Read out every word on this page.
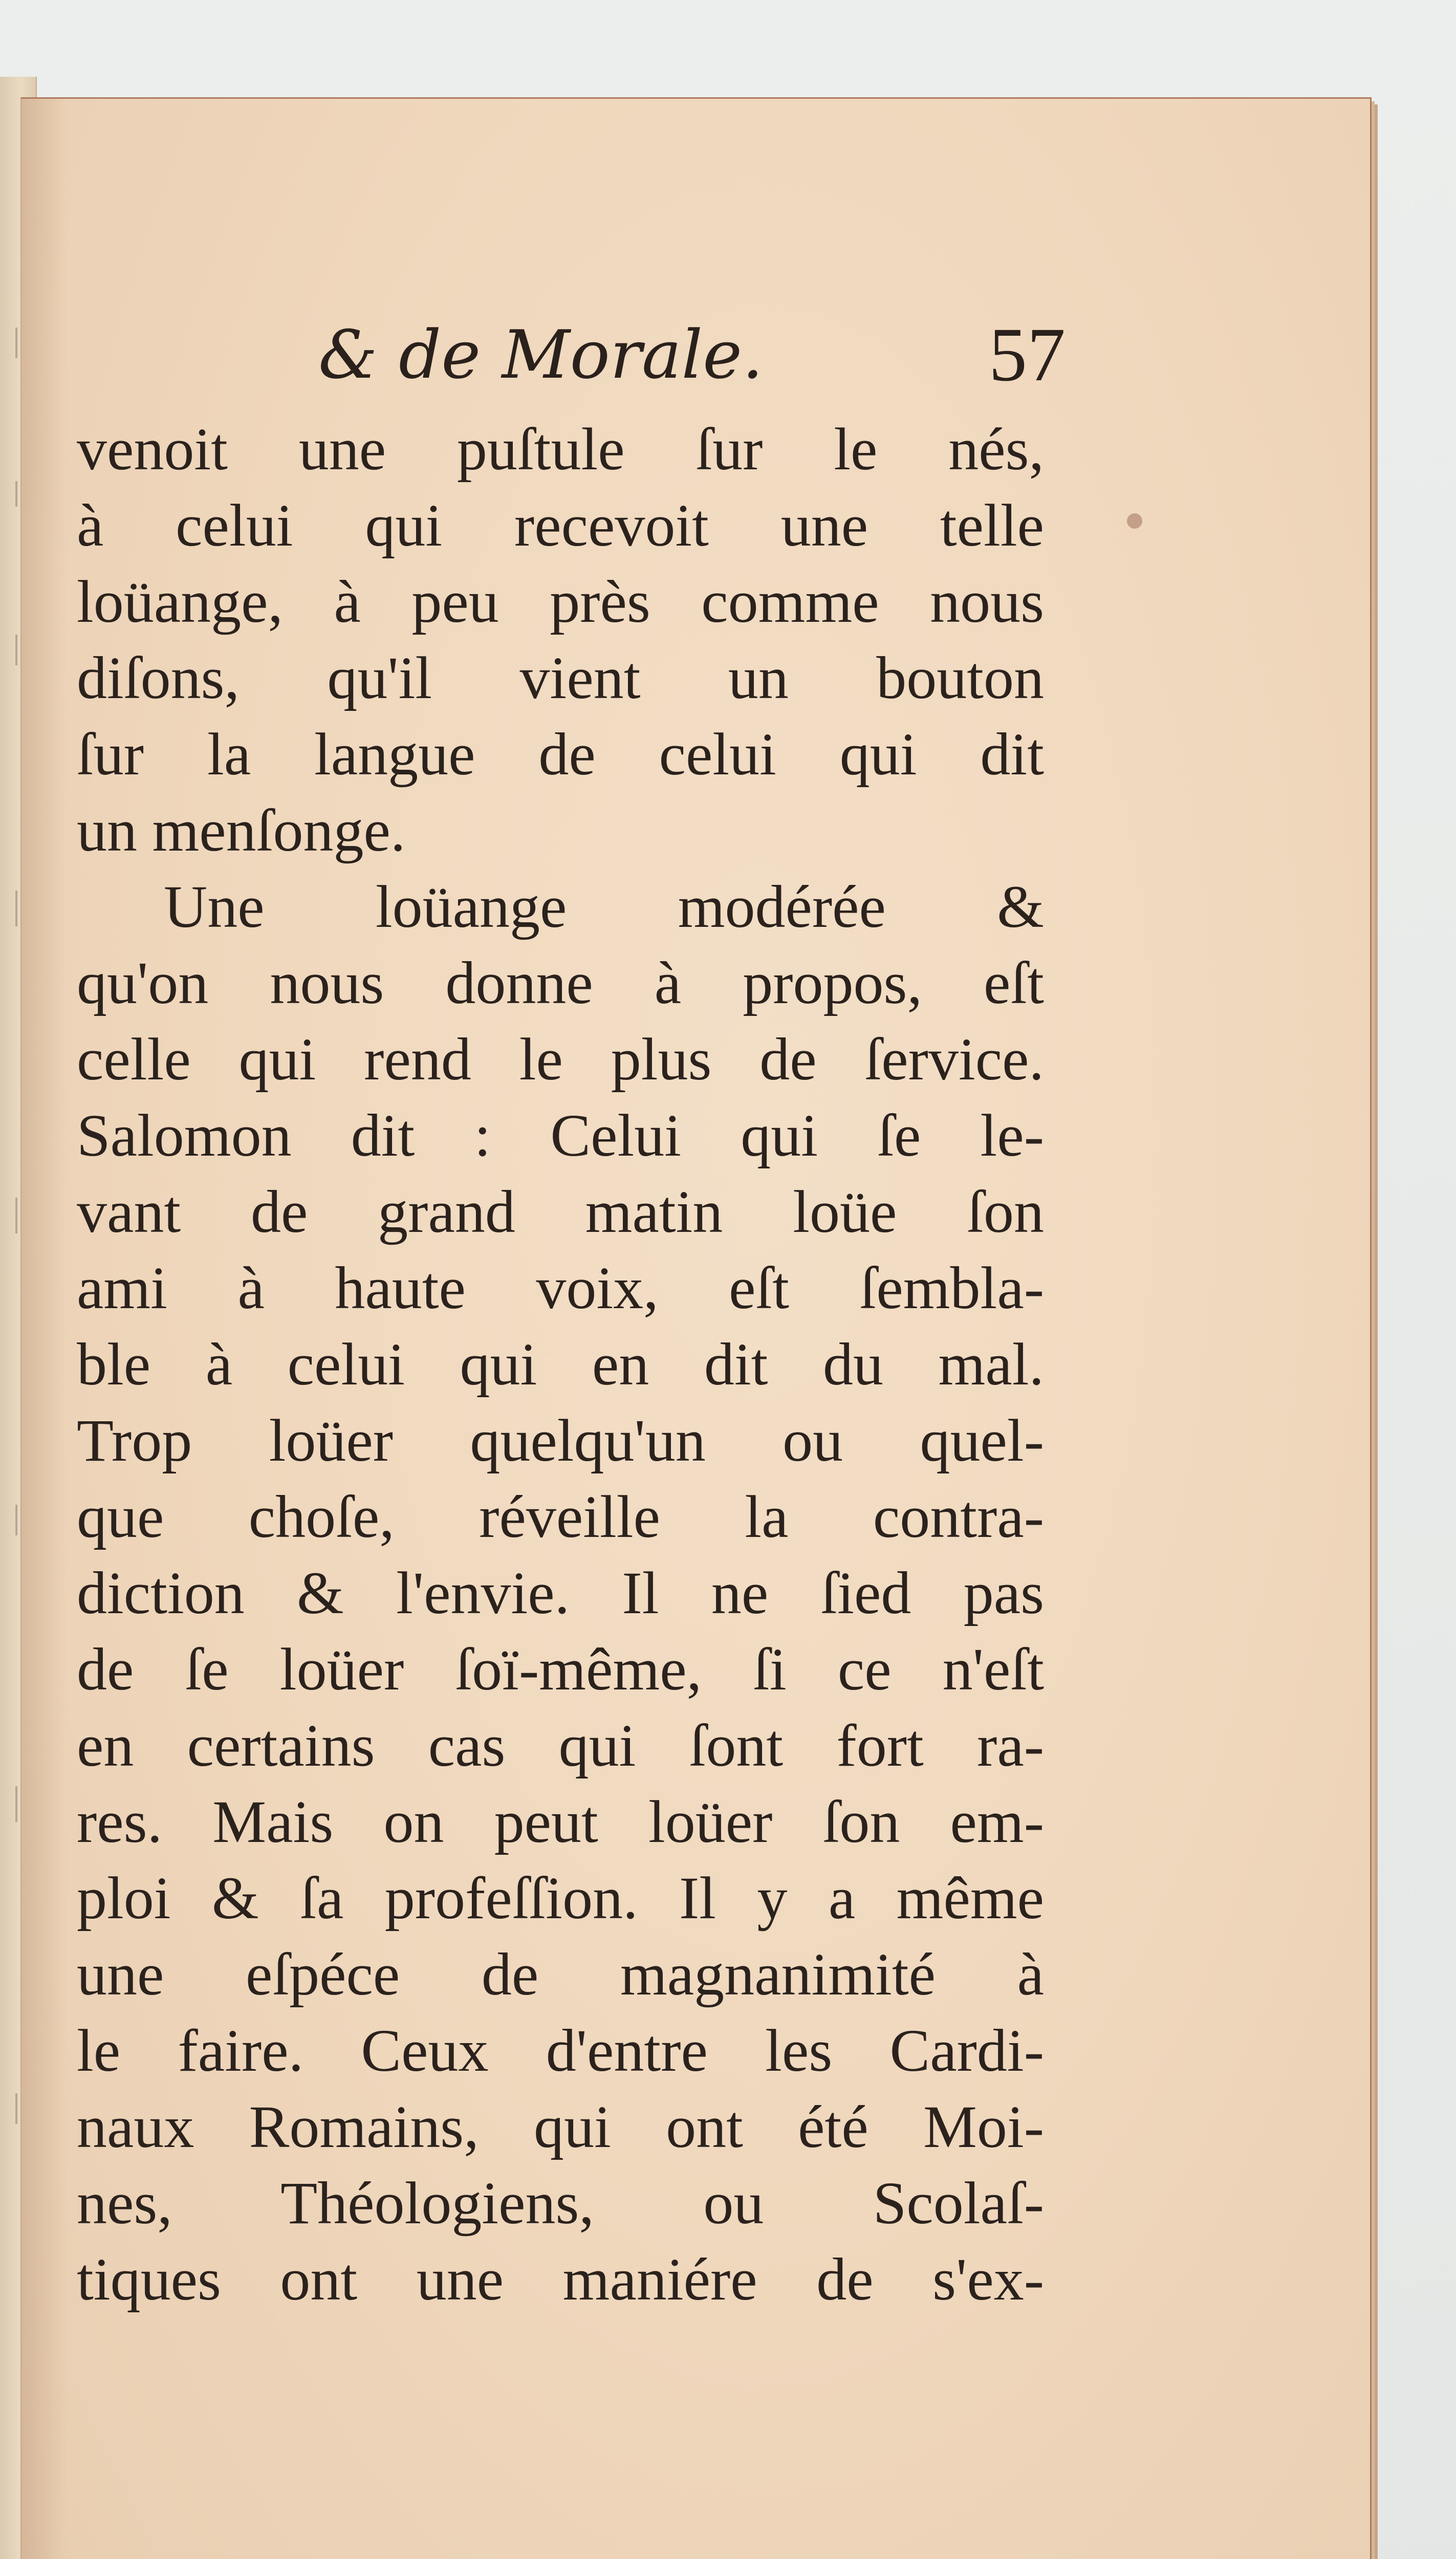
& de Morale.	57
venoit une puſtule ſur le nés,
à celui qui recevoit une telle
loüange, à peu près comme nous
diſons, qu'il vient un bouton
ſur la langue de celui qui dit
un menſonge.
Une loüange modérée &
qu'on nous donne à propos, eſt
celle qui rend le plus de ſervice.
Salomon dit : Celui qui ſe le-
vant de grand matin loüe ſon
ami à haute voix, eſt ſembla-
ble à celui qui en dit du mal.
Trop loüer quelqu'un ou quel-
que choſe, réveille la contra-
diction & l'envie. Il ne ſied pas
de ſe loüer ſoï-même, ſi ce n'eſt
en certains cas qui ſont fort ra-
res. Mais on peut loüer ſon em-
ploi & ſa profeſſion. Il y a même
une eſpéce de magnanimité à
le faire. Ceux d'entre les Cardi-
naux Romains, qui ont été Moi-
nes, Théologiens, ou Scolaſ-
tiques ont une maniére de s'ex-
